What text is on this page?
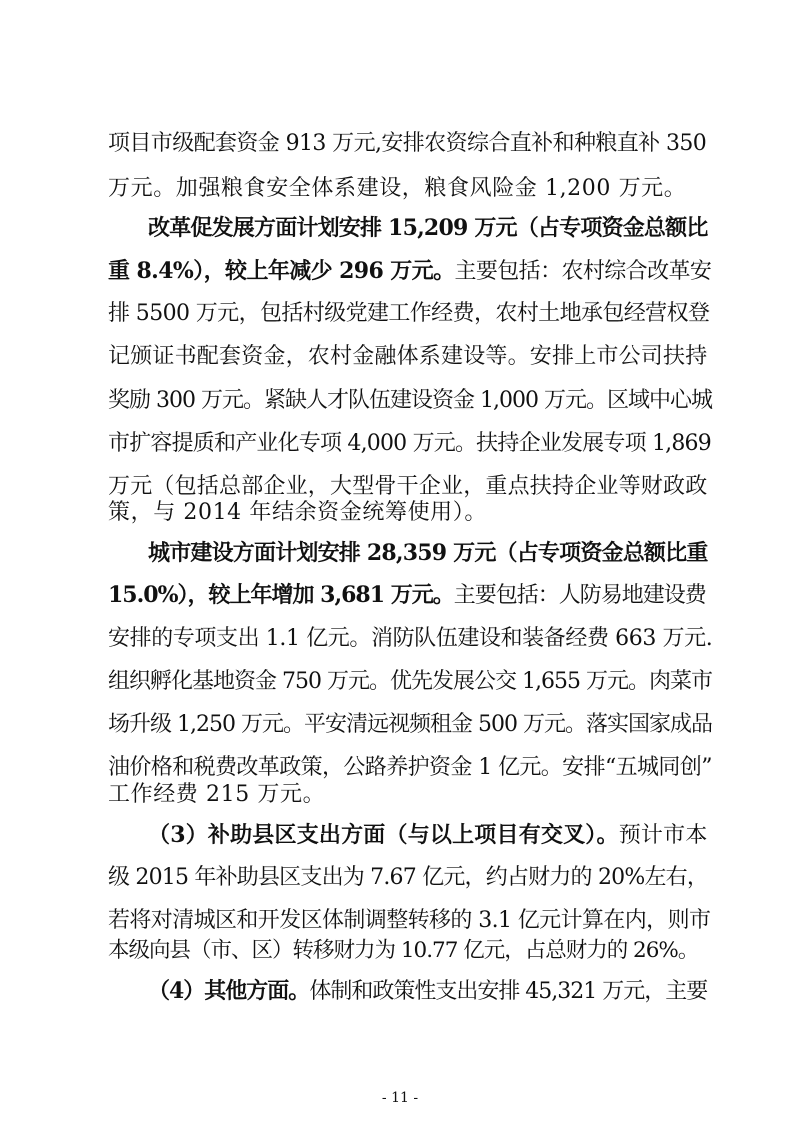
项目市级配套资金 913 万元,安排农资综合直补和种粮直补 350
万元。加强粮食安全体系建设，粮食风险金 1,200 万元。
改革促发展方面计划安排 15,209 万元（占专项资金总额比
重 8.4%），较上年减少 296 万元。主要包括：农村综合改革安
排 5500 万元，包括村级党建工作经费，农村土地承包经营权登
记颁证书配套资金，农村金融体系建设等。安排上市公司扶持
奖励 300 万元。紧缺人才队伍建设资金 1,000 万元。区域中心城
市扩容提质和产业化专项 4,000 万元。扶持企业发展专项 1,869
万元（包括总部企业，大型骨干企业，重点扶持企业等财政政
策，与 2014 年结余资金统筹使用）。
城市建设方面计划安排 28,359 万元（占专项资金总额比重
15.0%），较上年增加 3,681 万元。主要包括：人防易地建设费
安排的专项支出 1.1 亿元。消防队伍建设和装备经费 663 万元.
组织孵化基地资金 750 万元。优先发展公交 1,655 万元。肉菜市
场升级 1,250 万元。平安清远视频租金 500 万元。落实国家成品
油价格和税费改革政策，公路养护资金 1 亿元。安排“五城同创”
工作经费 215 万元。
（3）补助县区支出方面（与以上项目有交叉）。预计市本
级 2015 年补助县区支出为 7.67 亿元，约占财力的 20%左右，
若将对清城区和开发区体制调整转移的 3.1 亿元计算在内，则市
本级向县（市、区）转移财力为 10.77 亿元，占总财力的 26%。
（4）其他方面。体制和政策性支出安排 45,321 万元，主要
- 11 -
